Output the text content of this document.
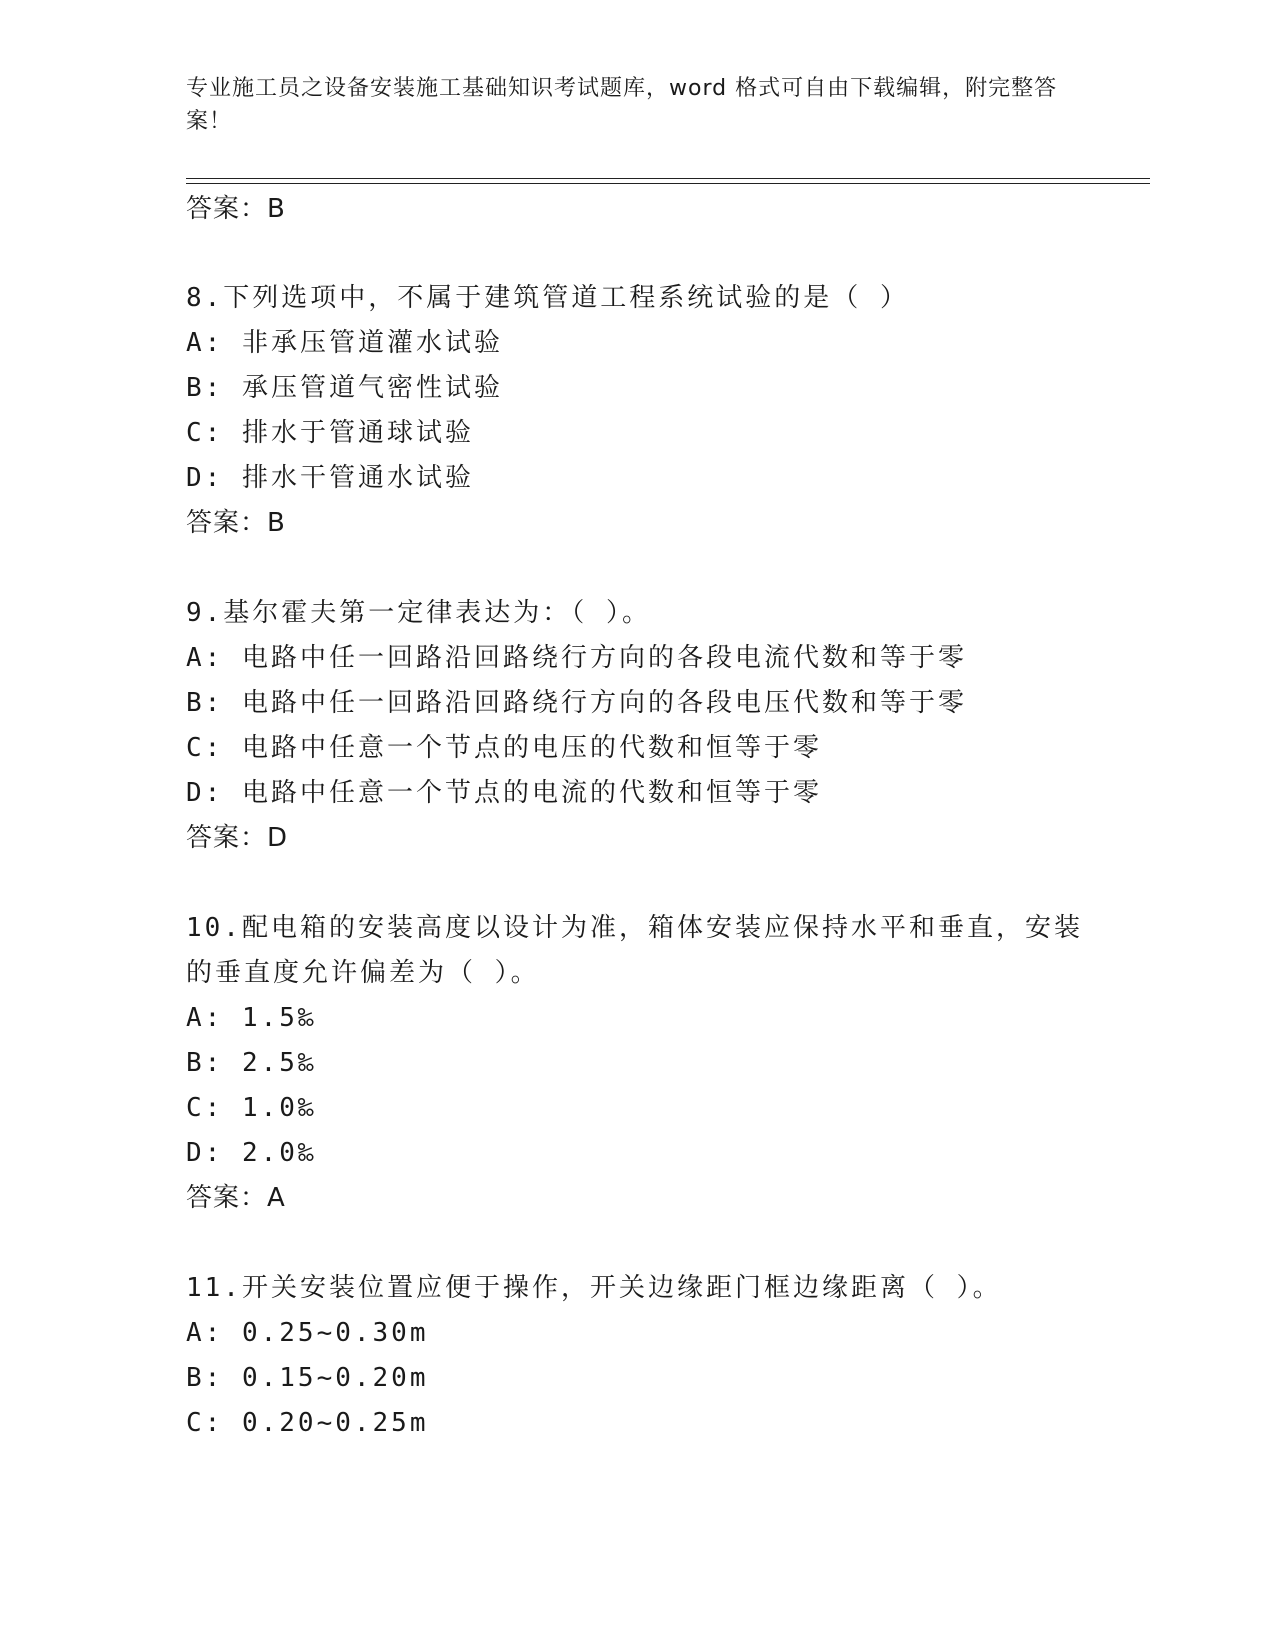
专业施工员之设备安装施工基础知识考试题库，word 格式可自由下载编辑，附完整答案！
答案：B
8.下列选项中，不属于建筑管道工程系统试验的是（ ）
A: 非承压管道灌水试验
B: 承压管道气密性试验
C: 排水于管通球试验
D: 排水干管通水试验
答案：B
9.基尔霍夫第一定律表达为：（ ）。
A: 电路中任一回路沿回路绕行方向的各段电流代数和等于零
B: 电路中任一回路沿回路绕行方向的各段电压代数和等于零
C: 电路中任意一个节点的电压的代数和恒等于零
D: 电路中任意一个节点的电流的代数和恒等于零
答案：D
10.配电箱的安装高度以设计为准，箱体安装应保持水平和垂直，安装
的垂直度允许偏差为（ ）。
A: 1.5‰
B: 2.5‰
C: 1.0‰
D: 2.0‰
答案：A
11.开关安装位置应便于操作，开关边缘距门框边缘距离（ ）。
A: 0.25~0.30m
B: 0.15~0.20m
C: 0.20~0.25m
